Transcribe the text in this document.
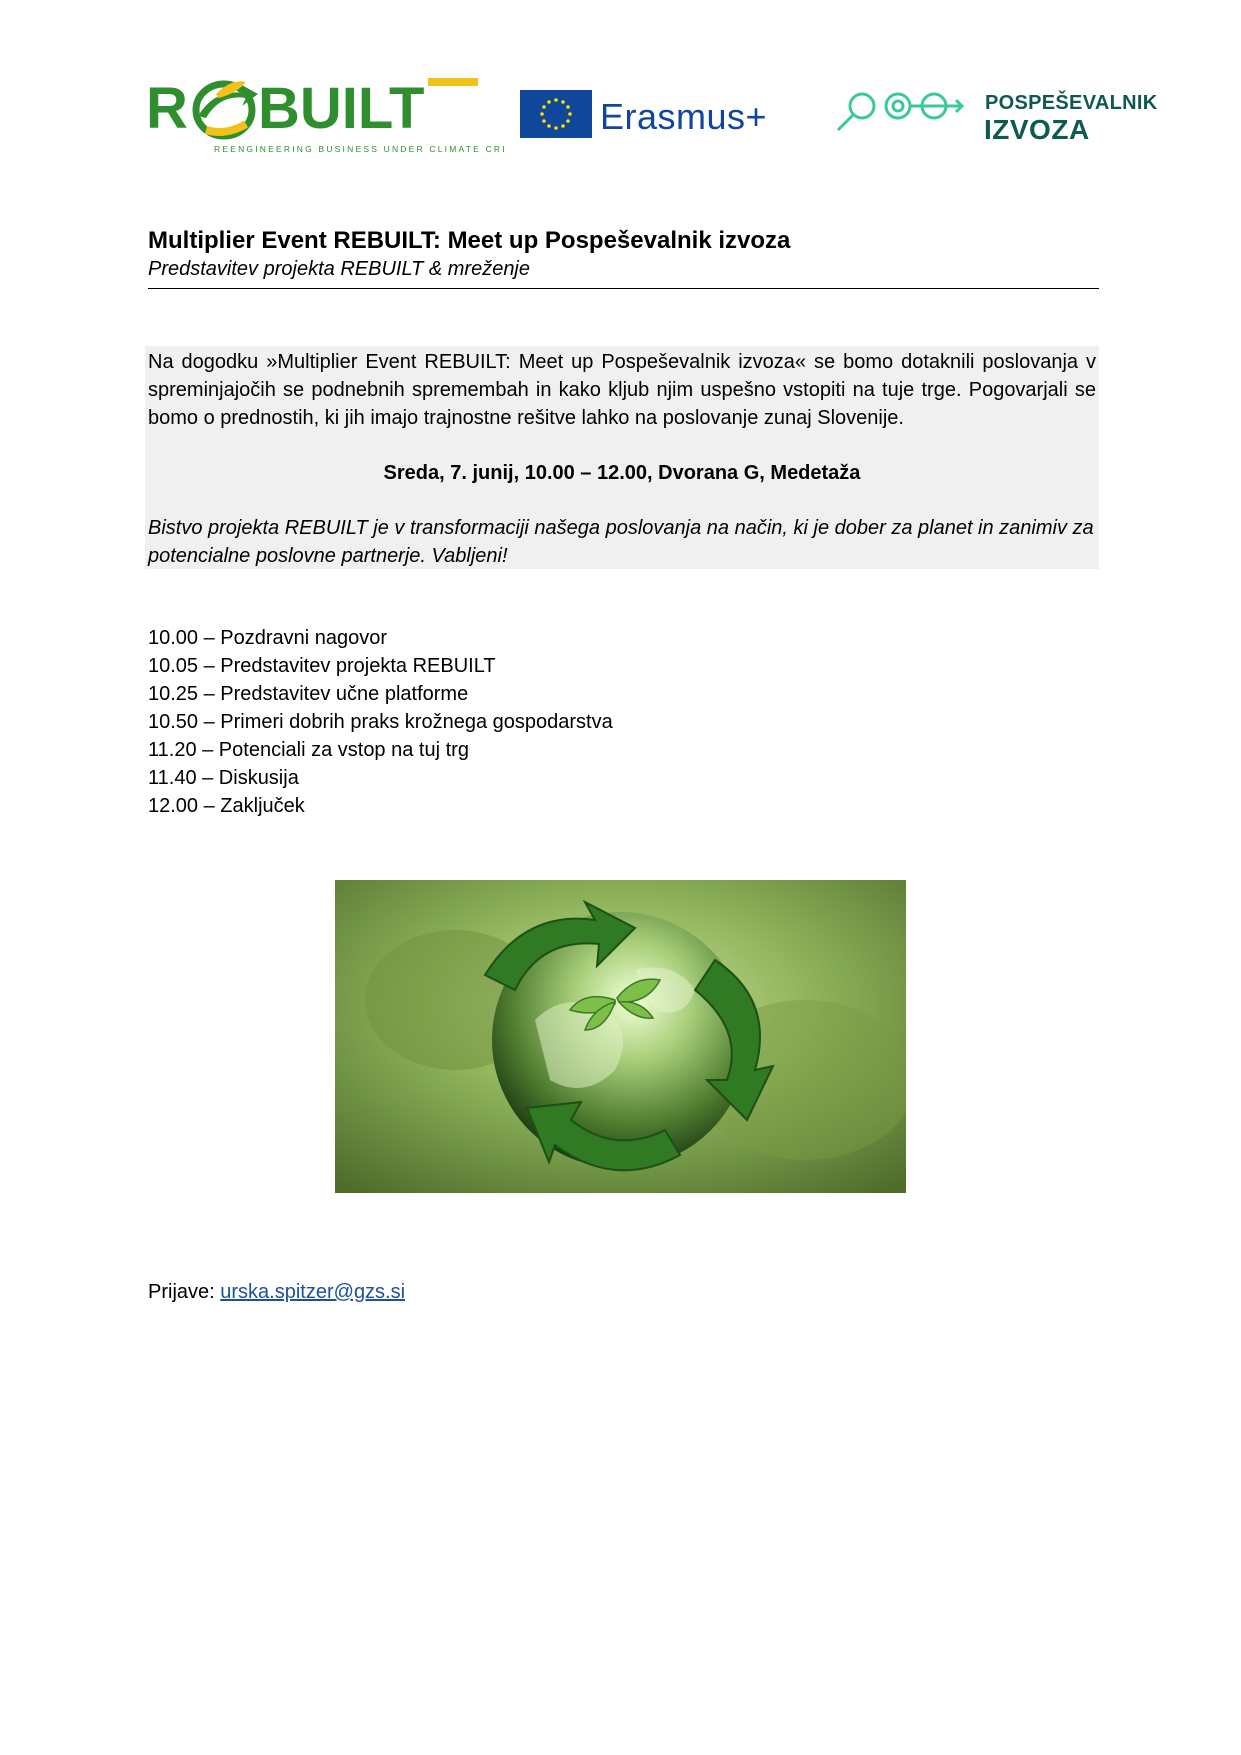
R BUILT
REENGINEERING BUSINESS UNDER CLIMATE CRISIS
Erasmus+	POSPEŠEVALNIK
IZVOZA
Multiplier Event REBUILT: Meet up Pospeševalnik izvoza
Predstavitev projekta REBUILT & mreženje

Na dogodku »Multiplier Event REBUILT: Meet up Pospeševalnik izvoza« se bomo dotaknili poslovanja v spreminjajočih se podnebnih spremembah in kako kljub njim uspešno vstopiti na tuje trge. Pogovarjali se bomo o prednostih, ki jih imajo trajnostne rešitve lahko na poslovanje zunaj Slovenije.

Sreda, 7. junij, 10.00 – 12.00, Dvorana G, Medetaža
Bistvo projekta REBUILT je v transformaciji našega poslovanja na način, ki je dober za planet in zanimiv za potencialne poslovne partnerje. Vabljeni!
10.00 – Pozdravni nagovor
10.05 – Predstavitev projekta REBUILT
10.25 – Predstavitev učne platforme
10.50 – Primeri dobrih praks krožnega gospodarstva
11.20 – Potenciali za vstop na tuj trg
11.40 – Diskusija
12.00 – Zaključek
Prijave: urska.spitzer@gzs.si
